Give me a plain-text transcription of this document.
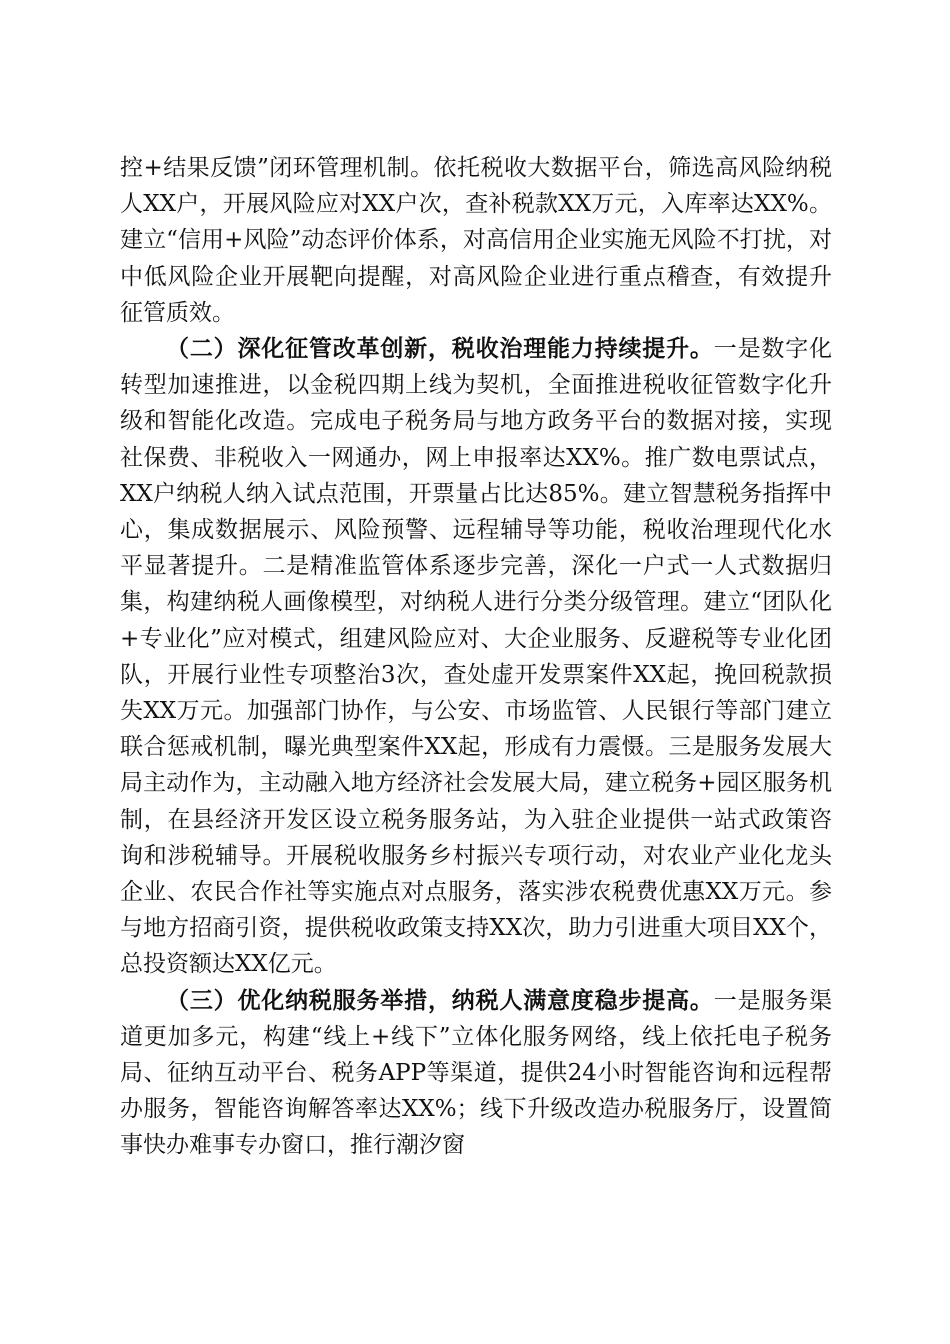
控+结果反馈”闭环管理机制。依托税收大数据平台，筛选高风险纳税人XX户，开展风险应对XX户次，查补税款XX万元，入库率达XX%。建立“信用+风险”动态评价体系，对高信用企业实施无风险不打扰，对中低风险企业开展靶向提醒，对高风险企业进行重点稽查，有效提升征管质效。

（二）深化征管改革创新，税收治理能力持续提升。一是数字化转型加速推进，以金税四期上线为契机，全面推进税收征管数字化升级和智能化改造。完成电子税务局与地方政务平台的数据对接，实现社保费、非税收入一网通办，网上申报率达XX%。推广数电票试点，XX户纳税人纳入试点范围，开票量占比达85%。建立智慧税务指挥中心，集成数据展示、风险预警、远程辅导等功能，税收治理现代化水平显著提升。二是精准监管体系逐步完善，深化一户式一人式数据归集，构建纳税人画像模型，对纳税人进行分类分级管理。建立“团队化+专业化”应对模式，组建风险应对、大企业服务、反避税等专业化团队，开展行业性专项整治3次，查处虚开发票案件XX起，挽回税款损失XX万元。加强部门协作，与公安、市场监管、人民银行等部门建立联合惩戒机制，曝光典型案件XX起，形成有力震慑。三是服务发展大局主动作为，主动融入地方经济社会发展大局，建立税务+园区服务机制，在县经济开发区设立税务服务站，为入驻企业提供一站式政策咨询和涉税辅导。开展税收服务乡村振兴专项行动，对农业产业化龙头企业、农民合作社等实施点对点服务，落实涉农税费优惠XX万元。参与地方招商引资，提供税收政策支持XX次，助力引进重大项目XX个，总投资额达XX亿元。

（三）优化纳税服务举措，纳税人满意度稳步提高。一是服务渠道更加多元，构建“线上+线下”立体化服务网络，线上依托电子税务局、征纳互动平台、税务APP等渠道，提供24小时智能咨询和远程帮办服务，智能咨询解答率达XX%；线下升级改造办税服务厅，设置简事快办难事专办窗口，推行潮汐窗
